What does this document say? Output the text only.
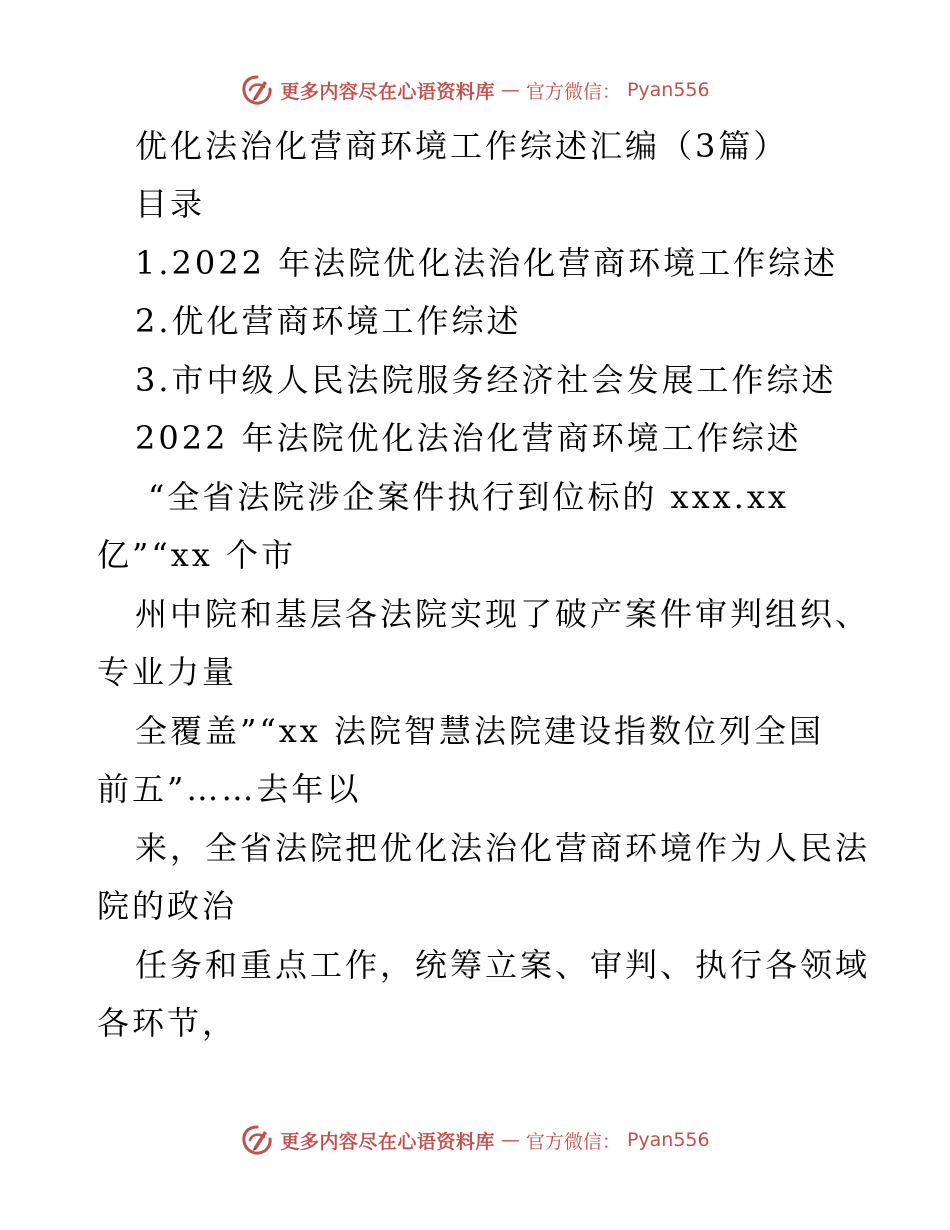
更多内容尽在心语资料库 — 官方微信： Pyan556
优化法治化营商环境工作综述汇编（3篇）
目录
1.2022 年法院优化法治化营商环境工作综述
2.优化营商环境工作综述
3.市中级人民法院服务经济社会发展工作综述
2022 年法院优化法治化营商环境工作综述
“全省法院涉企案件执行到位标的 xxx.xx
亿”“xx 个市
州中院和基层各法院实现了破产案件审判组织、
专业力量
全覆盖”“xx 法院智慧法院建设指数位列全国
前五”……去年以
来，全省法院把优化法治化营商环境作为人民法
院的政治
任务和重点工作，统筹立案、审判、执行各领域
各环节，
更多内容尽在心语资料库 — 官方微信： Pyan556
